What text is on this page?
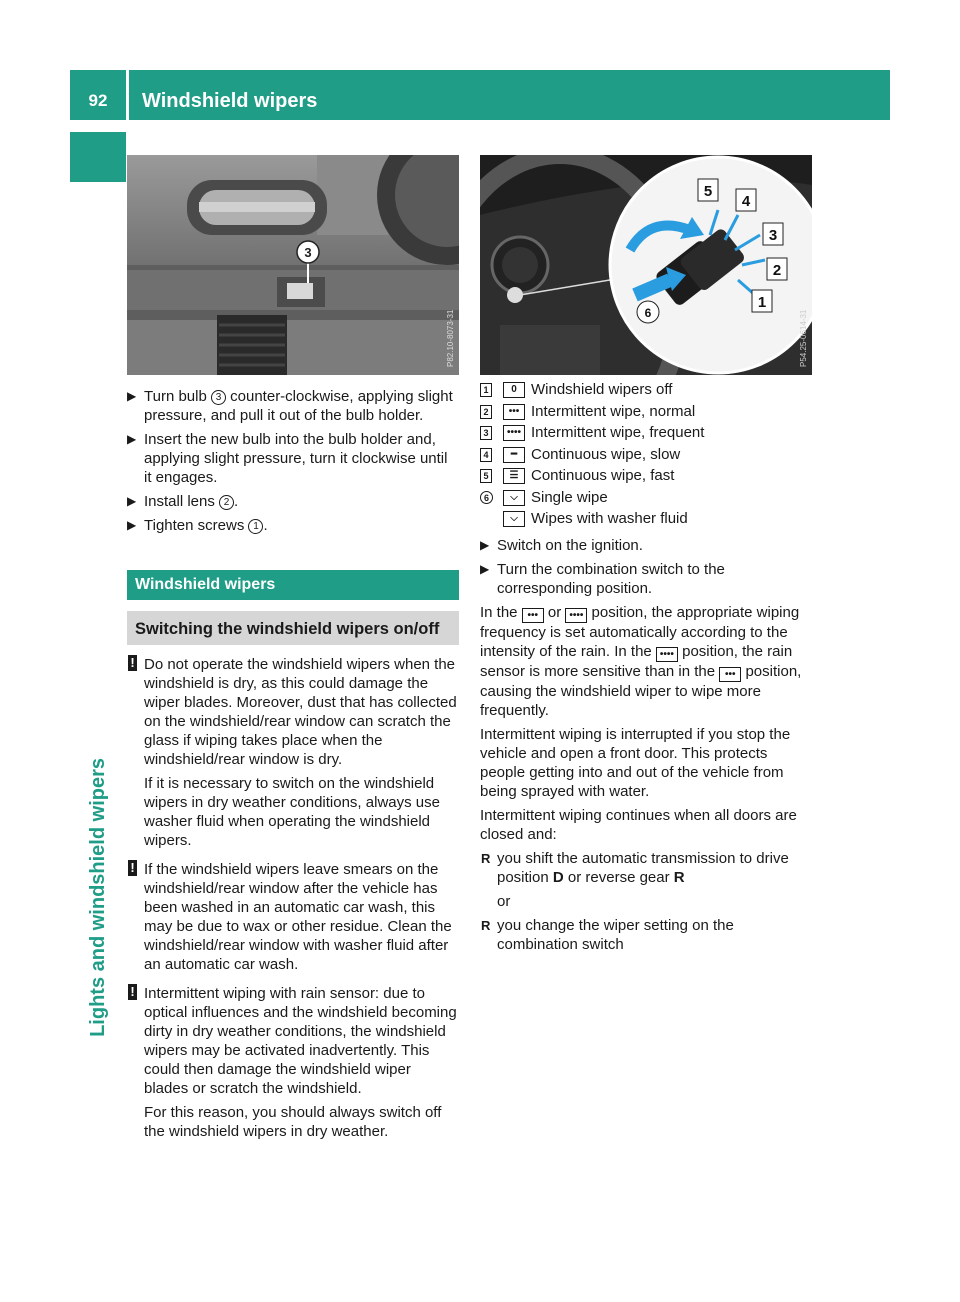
92	Windshield wipers
Lights and windshield wipers
3
P82.10-8073-31
▶ Turn bulb 3 counter-clockwise, applying slight pressure, and pull it out of the bulb holder.
▶ Insert the new bulb into the bulb holder and, applying slight pressure, turn it clockwise until it engages.
▶ Install lens 2 .
▶ Tighten screws 1 .
Windshield wipers
Switching the windshield wipers on/off
! Do not operate the windshield wipers when the windshield is dry, as this could damage the wiper blades. Moreover, dust that has collected on the windshield/rear window can scratch the glass if wiping takes place when the windshield/rear window is dry.

If it is necessary to switch on the windshield wipers in dry weather conditions, always use washer fluid when operating the windshield wipers.

! If the windshield wipers leave smears on the windshield/rear window after the vehicle has been washed in an automatic car wash, this may be due to wax or other residue. Clean the windshield/rear window with washer fluid after an automatic car wash.

! Intermittent wiping with rain sensor: due to optical influences and the windshield becoming dirty in dry weather conditions, the windshield wipers may be activated inadvertently. This could then damage the windshield wiper blades or scratch the windshield.

For this reason, you should always switch off the windshield wipers in dry weather.

5
4
3
2
1
6	P54.25-0614-31
1	0 Windshield wipers off
2	••• Intermittent wipe, normal
3	•••• Intermittent wipe, frequent
4	━ Continuous wipe, slow
5	☰ Continuous wipe, fast
6	⌵ Single wipe
⌵ Wipes with washer fluid
▶ Switch on the ignition.
▶ Turn the combination switch to the corresponding position.

In the ••• or •••• position, the appropriate wiping frequency is set automatically according to the intensity of the rain. In the •••• position, the rain sensor is more sensitive than in the ••• position, causing the windshield wiper to wipe more frequently.

Intermittent wiping is interrupted if you stop the vehicle and open a front door. This protects people getting into and out of the vehicle from being sprayed with water.

Intermittent wiping continues when all doors are closed and:

R you shift the automatic transmission to drive position D or reverse gear R

or

R you change the wiper setting on the combination switch
